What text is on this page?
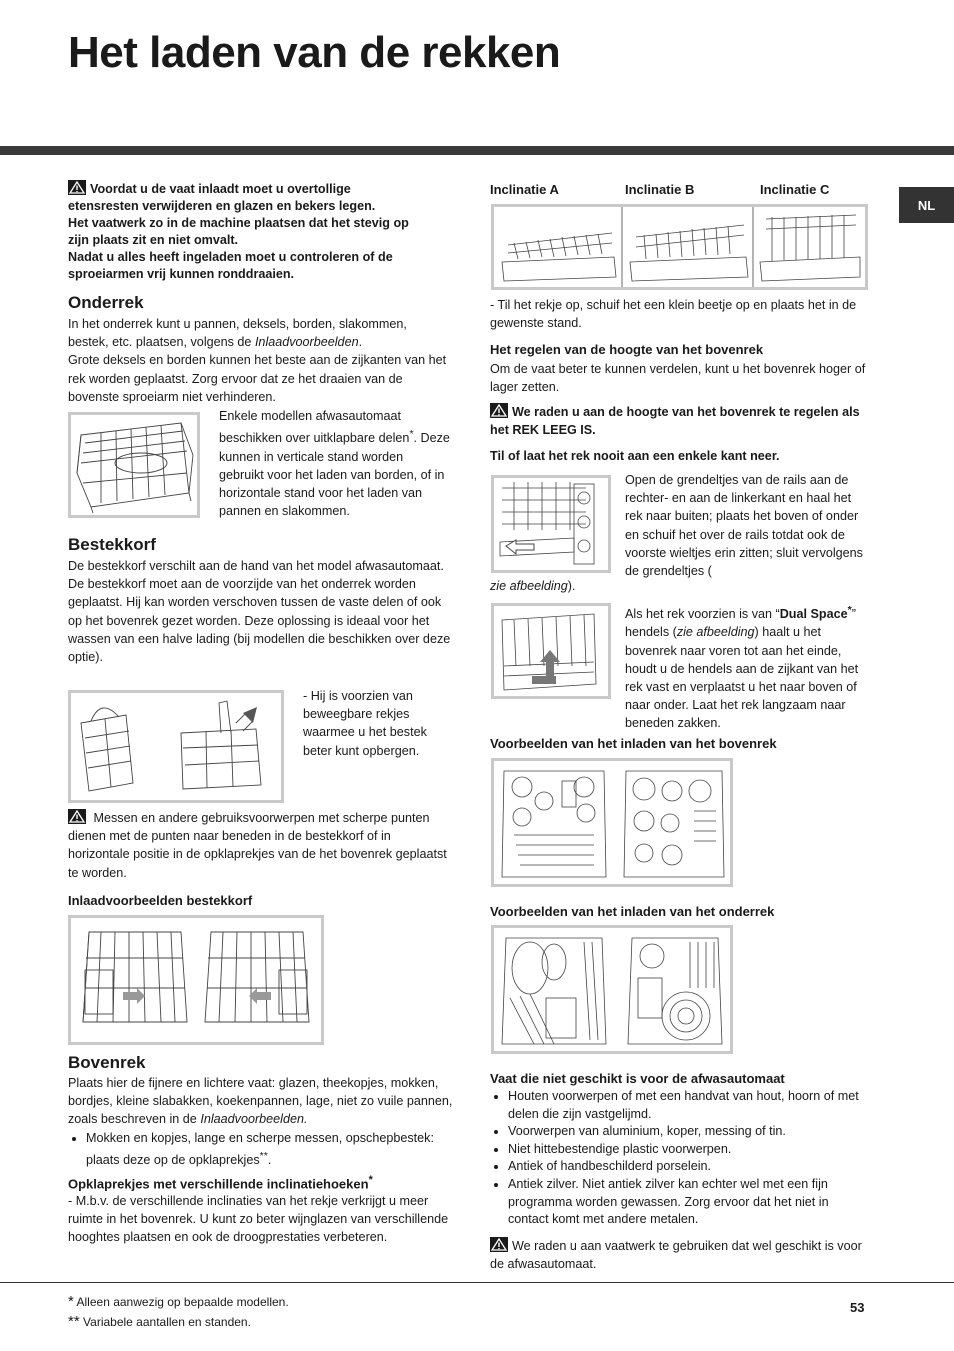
Het laden van de rekken
NL
Voordat u de vaat inlaadt moet u overtollige
etensresten verwijderen en glazen en bekers legen.
Het vaatwerk zo in de machine plaatsen dat het stevig op
zijn plaats zit en niet omvalt.
Nadat u alles heeft ingeladen moet u controleren of de
sproeiarmen vrij kunnen ronddraaien.
Onderrek
In het onderrek kunt u pannen, deksels, borden, slakommen, bestek, etc. plaatsen, volgens de Inlaadvoorbeelden.
Grote deksels en borden kunnen het beste aan de zijkanten van het rek worden geplaatst. Zorg ervoor dat ze het draaien van de bovenste sproeiarm niet verhinderen.
Enkele modellen afwasautomaat beschikken over uitklapbare delen*. Deze kunnen in verticale stand worden gebruikt voor het laden van borden, of in horizontale stand voor het laden van pannen en slakommen.
Bestekkorf
De bestekkorf verschilt aan de hand van het model afwasautomaat.
De bestekkorf moet aan de voorzijde van het onderrek worden geplaatst. Hij kan worden verschoven tussen de vaste delen of ook op het bovenrek gezet worden. Deze oplossing is ideaal voor het wassen van een halve lading (bij modellen die beschikken over deze optie).
- Hij is voorzien van beweegbare rekjes waarmee u het bestek beter kunt opbergen.
Messen en andere gebruiksvoorwerpen met scherpe punten dienen met de punten naar beneden in de bestekkorf of in horizontale positie in de opklaprekjes van de het bovenrek geplaatst te worden.
Inlaadvoorbeelden bestekkorf
Bovenrek
Plaats hier de fijnere en lichtere vaat: glazen, theekopjes, mokken, bordjes, kleine slabakken, koekenpannen, lage, niet zo vuile pannen, zoals beschreven in de Inlaadvoorbeelden.
• Mokken en kopjes, lange en scherpe messen, opschepbestek: plaats deze op de opklaprekjes**.
Opklaprekjes met verschillende inclinatiehoeken*
- M.b.v. de verschillende inclinaties van het rekje verkrijgt u meer ruimte in het bovenrek. U kunt zo beter wijnglazen van verschillende hooghtes plaatsen en ook de droogprestaties verbeteren.
Inclinatie A	Inclinatie B	Inclinatie C
- Til het rekje op, schuif het een klein beetje op en plaats het in de gewenste stand.
Het regelen van de hoogte van het bovenrek
Om de vaat beter te kunnen verdelen, kunt u het bovenrek hoger of lager zetten.
We raden u aan de hoogte van het bovenrek te regelen als het REK LEEG IS.
Til of laat het rek nooit aan een enkele kant neer.
Open de grendeltjes van de rails aan de rechter- en aan de linkerkant en haal het rek naar buiten; plaats het boven of onder en schuif het over de rails totdat ook de voorste wieltjes erin zitten; sluit vervolgens de grendeltjes (
zie afbeelding).
Als het rek voorzien is van “Dual Space*” hendels (zie afbeelding) haalt u het bovenrek naar voren tot aan het einde, houdt u de hendels aan de zijkant van het rek vast en verplaatst u het naar boven of naar onder. Laat het rek langzaam naar beneden zakken.
Voorbeelden van het inladen van het bovenrek
Voorbeelden van het inladen van het onderrek
Vaat die niet geschikt is voor de afwasautomaat
• Houten voorwerpen of met een handvat van hout, hoorn of met delen die zijn vastgelijmd.
• Voorwerpen van aluminium, koper, messing of tin.
• Niet hittebestendige plastic voorwerpen.
• Antiek of handbeschilderd porselein.
• Antiek zilver. Niet antiek zilver kan echter wel met een fijn programma worden gewassen. Zorg ervoor dat het niet in contact komt met andere metalen.
We raden u aan vaatwerk te gebruiken dat wel geschikt is voor de afwasautomaat.
* Alleen aanwezig op bepaalde modellen.
** Variabele aantallen en standen.
53
